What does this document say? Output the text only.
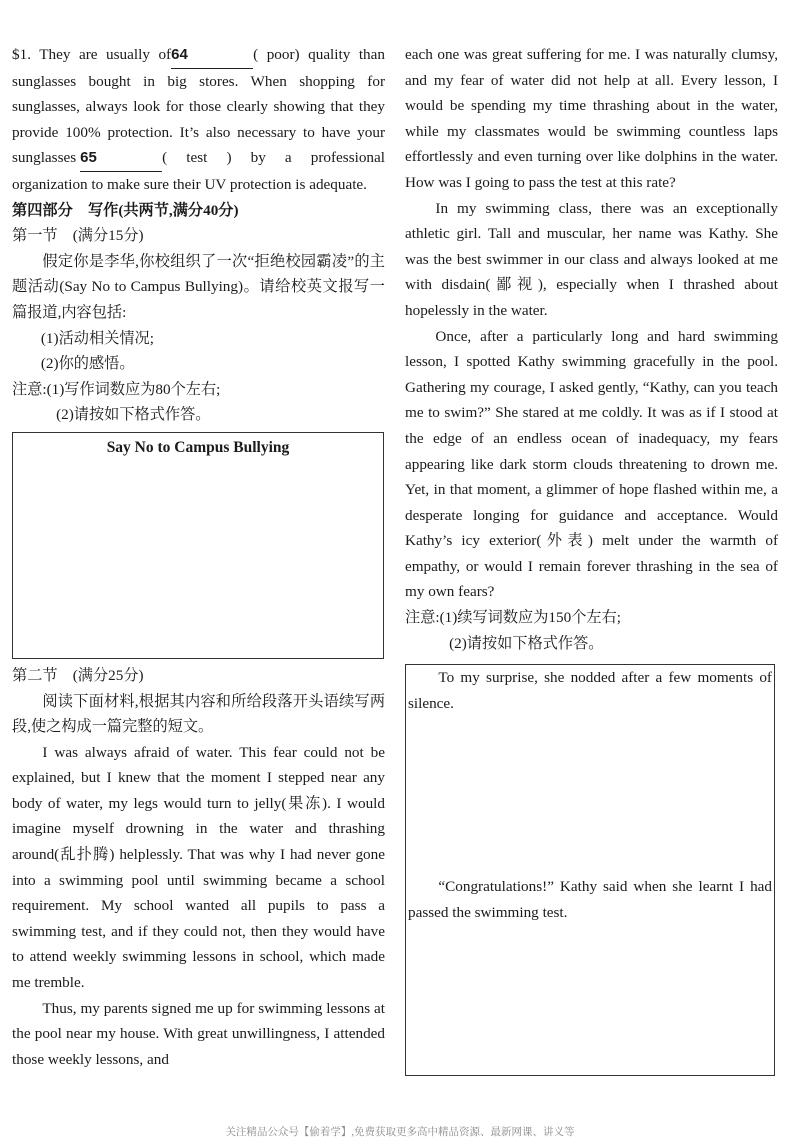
$1. They are usually of64	( poor) quality than sunglasses bought in big stores. When shopping for sunglasses, always look for those clearly showing that they provide 100% protection. It’s also necessary to have your sunglasses 65	( test ) by a professional organization to make sure their UV protection is adequate.

第四部分　写作(共两节,满分40分)

第一节　(满分15分)

假定你是李华,你校组织了一次“拒绝校园霸凌”的主题活动(Say No to Campus Bullying)。请给校英文报写一篇报道,内容包括:

(1)活动相关情况;

(2)你的感悟。

注意:(1)写作词数应为80个左右;

(2)请按如下格式作答。

Say No to Campus Bullying

第二节　(满分25分)

阅读下面材料,根据其内容和所给段落开头语续写两段,使之构成一篇完整的短文。

I was always afraid of water. This fear could not be explained, but I knew that the moment I stepped near any body of water, my legs would turn to jelly(果冻). I would imagine myself drowning in the water and thrashing around(乱扑腾) helplessly. That was why I had never gone into a swimming pool until swimming became a school requirement. My school wanted all pupils to pass a swimming test, and if they could not, then they would have to attend weekly swimming lessons in school, which made me tremble.

Thus, my parents signed me up for swimming lessons at the pool near my house. With great unwillingness, I attended those weekly lessons, and

each one was great suffering for me. I was naturally clumsy, and my fear of water did not help at all. Every lesson, I would be spending my time thrashing about in the water, while my classmates would be swimming countless laps effortlessly and even turning over like dolphins in the water. How was I going to pass the test at this rate?

In my swimming class, there was an exceptionally athletic girl. Tall and muscular, her name was Kathy. She was the best swimmer in our class and always looked at me with disdain(鄙视), especially when I thrashed about hopelessly in the water.

Once, after a particularly long and hard swimming lesson, I spotted Kathy swimming gracefully in the pool. Gathering my courage, I asked gently, “Kathy, can you teach me to swim?” She stared at me coldly. It was as if I stood at the edge of an endless ocean of inadequacy, my fears appearing like dark storm clouds threatening to drown me. Yet, in that moment, a glimmer of hope flashed within me, a desperate longing for guidance and acceptance. Would Kathy’s icy exterior(外表) melt under the warmth of empathy, or would I remain forever thrashing in the sea of my own fears?

注意:(1)续写词数应为150个左右;

(2)请按如下格式作答。

To my surprise, she nodded after a few moments of silence.

“Congratulations!” Kathy said when she learnt I had passed the swimming test.

关注精品公众号【偷着学】,免费获取更多高中精品资源、最新网课、讲义等
